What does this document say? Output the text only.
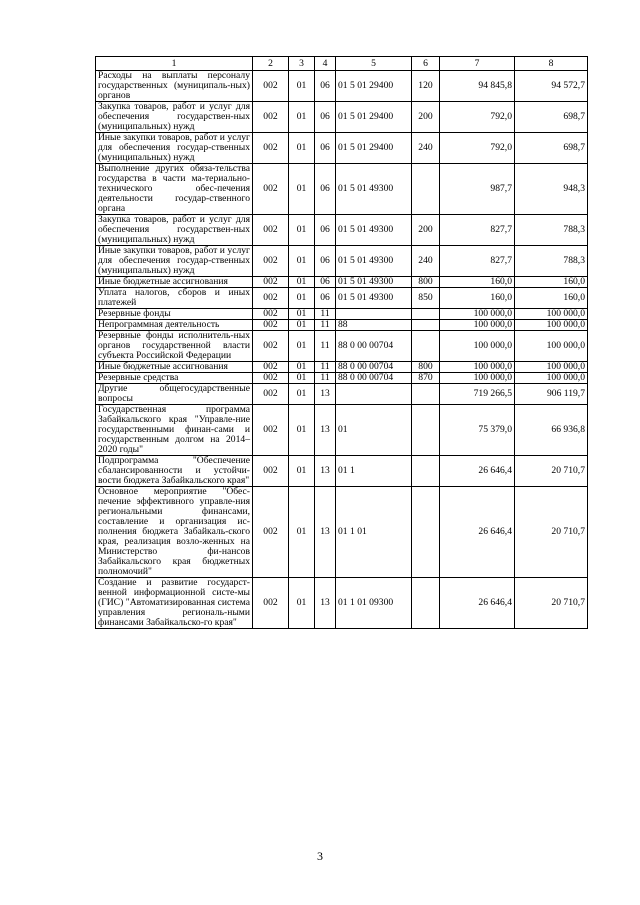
1	2	3	4	5	6	7	8
Расходы на выплаты персоналу государственных (муниципаль-ных) органов	002	01	06	01 5 01 29400	120	94 845,8	94 572,7
Закупка товаров, работ и услуг для обеспечения государствен-ных (муниципальных) нужд	002	01	06	01 5 01 29400	200	792,0	698,7
Иные закупки товаров, работ и услуг для обеспечения государ-ственных (муниципальных) нужд	002	01	06	01 5 01 29400	240	792,0	698,7
Выполнение других обяза-тельства государства в части ма-териально-технического обес-печения деятельности государ-ственного органа	002	01	06	01 5 01 49300		987,7	948,3
Закупка товаров, работ и услуг для обеспечения государствен-ных (муниципальных) нужд	002	01	06	01 5 01 49300	200	827,7	788,3
Иные закупки товаров, работ и услуг для обеспечения государ-ственных (муниципальных) нужд	002	01	06	01 5 01 49300	240	827,7	788,3
Иные бюджетные ассигнования	002	01	06	01 5 01 49300	800	160,0	160,0
Уплата налогов, сборов и иных платежей	002	01	06	01 5 01 49300	850	160,0	160,0
Резервные фонды	002	01	11			100 000,0	100 000,0
Непрограммная деятельность	002	01	11	88		100 000,0	100 000,0
Резервные фонды исполнитель-ных органов государственной власти субъекта Российской Федерации	002	01	11	88 0 00 00704		100 000,0	100 000,0
Иные бюджетные ассигнования	002	01	11	88 0 00 00704	800	100 000,0	100 000,0
Резервные средства	002	01	11	88 0 00 00704	870	100 000,0	100 000,0
Другие общегосударственные вопросы	002	01	13			719 266,5	906 119,7
Государственная программа Забайкальского края "Управле-ние государственными финан-сами и государственным долгом на 2014–2020 годы"	002	01	13	01		75 379,0	66 936,8
Подпрограмма "Обеспечение сбалансированности и устойчи-вости бюджета Забайкальского края"	002	01	13	01 1		26 646,4	20 710,7
Основное мероприятие "Обес-печение эффективного управле-ния региональными финансами, составление и организация ис-полнения бюджета Забайкаль-ского края, реализация возло-женных на Министерство фи-нансов Забайкальского края бюджетных полномочий"	002	01	13	01 1 01		26 646,4	20 710,7
Создание и развитие государст-венной информационной систе-мы (ГИС) "Автоматизированная система управления региональ-ными финансами Забайкальско-го края"	002	01	13	01 1 01 09300		26 646,4	20 710,7
3
